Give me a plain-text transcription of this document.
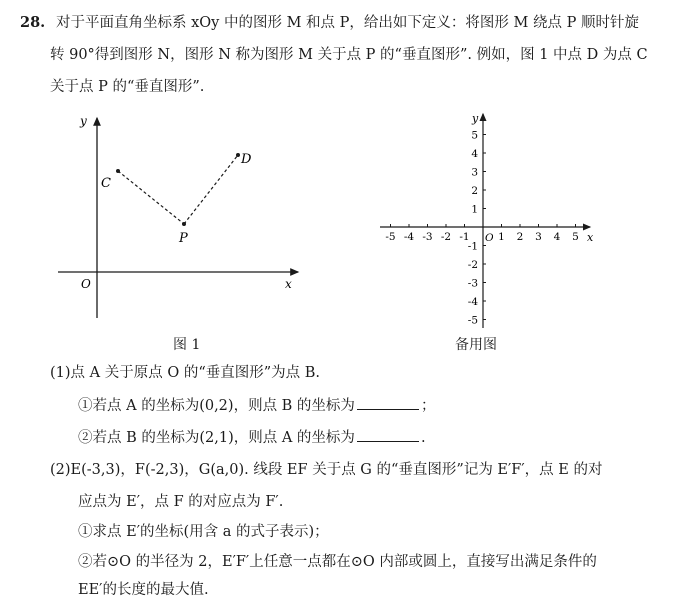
28. 对于平面直角坐标系 xOy 中的图形 M 和点 P，给出如下定义：将图形 M 绕点 P 顺时针旋
转 90°得到图形 N，图形 N 称为图形 M 关于点 P 的“垂直图形”. 例如，图 1 中点 D 为点 C
关于点 P 的“垂直图形”.
y
x
O
C
P
D
y
x
O
-5 -4 -3 -2 -1	1 2 3 4 5
5
4
3
2
1
-1
-2
-3
-4
-5
图 1	备用图
(1)点 A 关于原点 O 的“垂直图形”为点 B.
①若点 A 的坐标为(0,2)，则点 B 的坐标为	；
②若点 B 的坐标为(2,1)，则点 A 的坐标为	.
(2)E(-3,3)，F(-2,3)，G(a,0). 线段 EF 关于点 G 的“垂直图形”记为 E′F′，点 E 的对
应点为 E′，点 F 的对应点为 F′.
①求点 E′的坐标(用含 a 的式子表示)；
②若⊙O 的半径为 2，E′F′上任意一点都在⊙O 内部或圆上，直接写出满足条件的
EE′的长度的最大值.
